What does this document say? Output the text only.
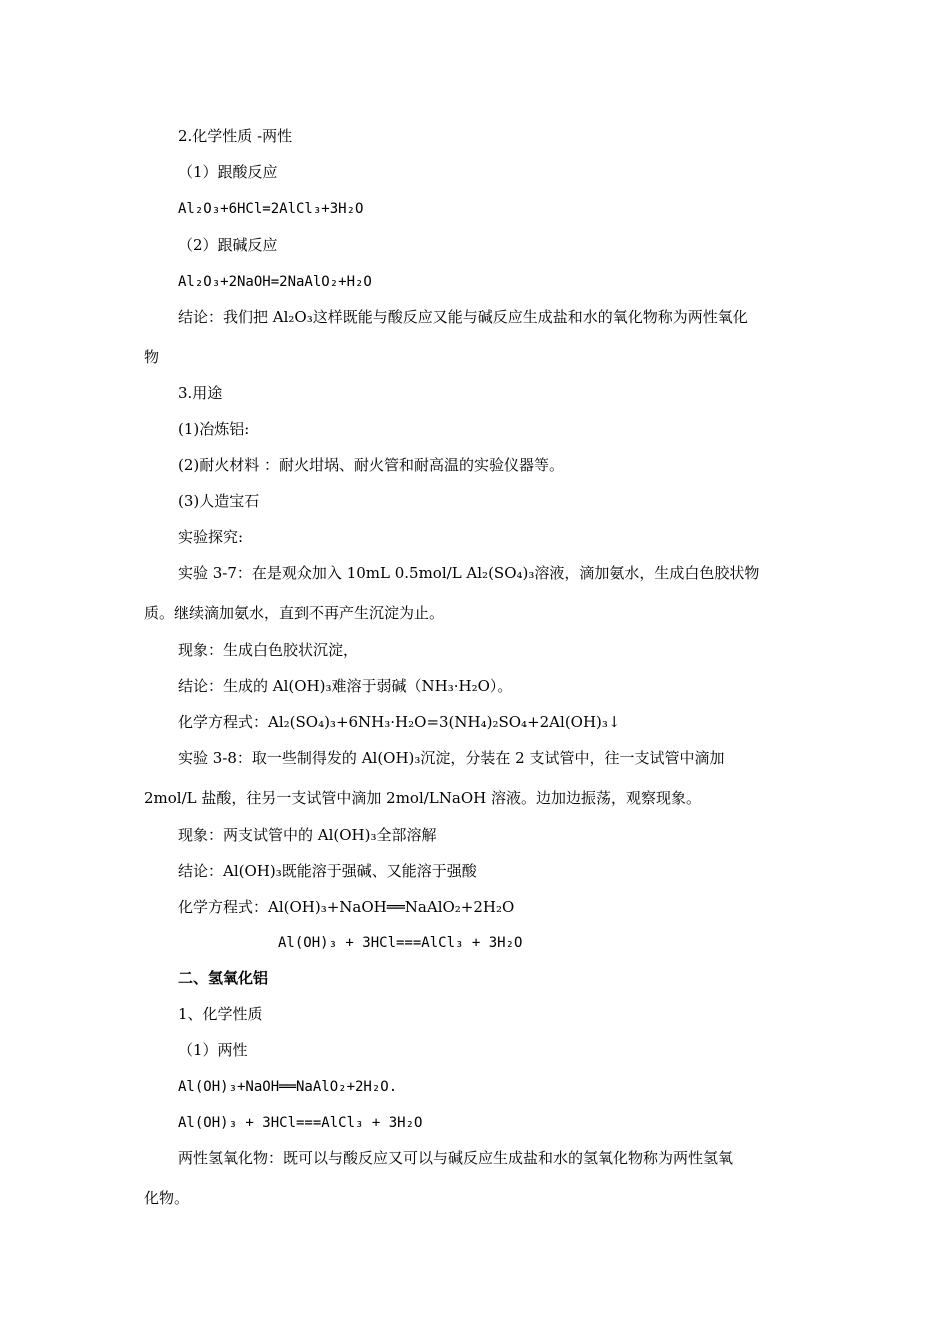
2.化学性质 -两性
（1）跟酸反应
Al₂O₃+6HCl=2AlCl₃+3H₂O
（2）跟碱反应
Al₂O₃+2NaOH=2NaAlO₂+H₂O
结论：我们把 Al₂O₃这样既能与酸反应又能与碱反应生成盐和水的氧化物称为两性氧化
物
3.用途
(1)冶炼铝:
(2)耐火材料 ：耐火坩埚、耐火管和耐高温的实验仪器等。
(3)人造宝石
实验探究:
实验 3-7：在是观众加入 10mL 0.5mol/L Al₂(SO₄)₃溶液，滴加氨水，生成白色胶状物
质。继续滴加氨水，直到不再产生沉淀为止。
现象：生成白色胶状沉淀，
结论：生成的 Al(OH)₃难溶于弱碱（NH₃·H₂O）。
化学方程式：Al₂(SO₄)₃+6NH₃·H₂O=3(NH₄)₂SO₄+2Al(OH)₃↓
实验 3-8：取一些制得发的 Al(OH)₃沉淀，分装在 2 支试管中，往一支试管中滴加
2mol/L 盐酸，往另一支试管中滴加 2mol/LNaOH 溶液。边加边振荡，观察现象。
现象：两支试管中的 Al(OH)₃全部溶解
结论：Al(OH)₃既能溶于强碱、又能溶于强酸
化学方程式：Al(OH)₃+NaOH══NaAlO₂+2H₂O
Al(OH)₃ + 3HCl===AlCl₃ + 3H₂O
二、氢氧化铝
1、化学性质
（1）两性
Al(OH)₃+NaOH══NaAlO₂+2H₂O.
Al(OH)₃ + 3HCl===AlCl₃ + 3H₂O
两性氢氧化物：既可以与酸反应又可以与碱反应生成盐和水的氢氧化物称为两性氢氧
化物。
